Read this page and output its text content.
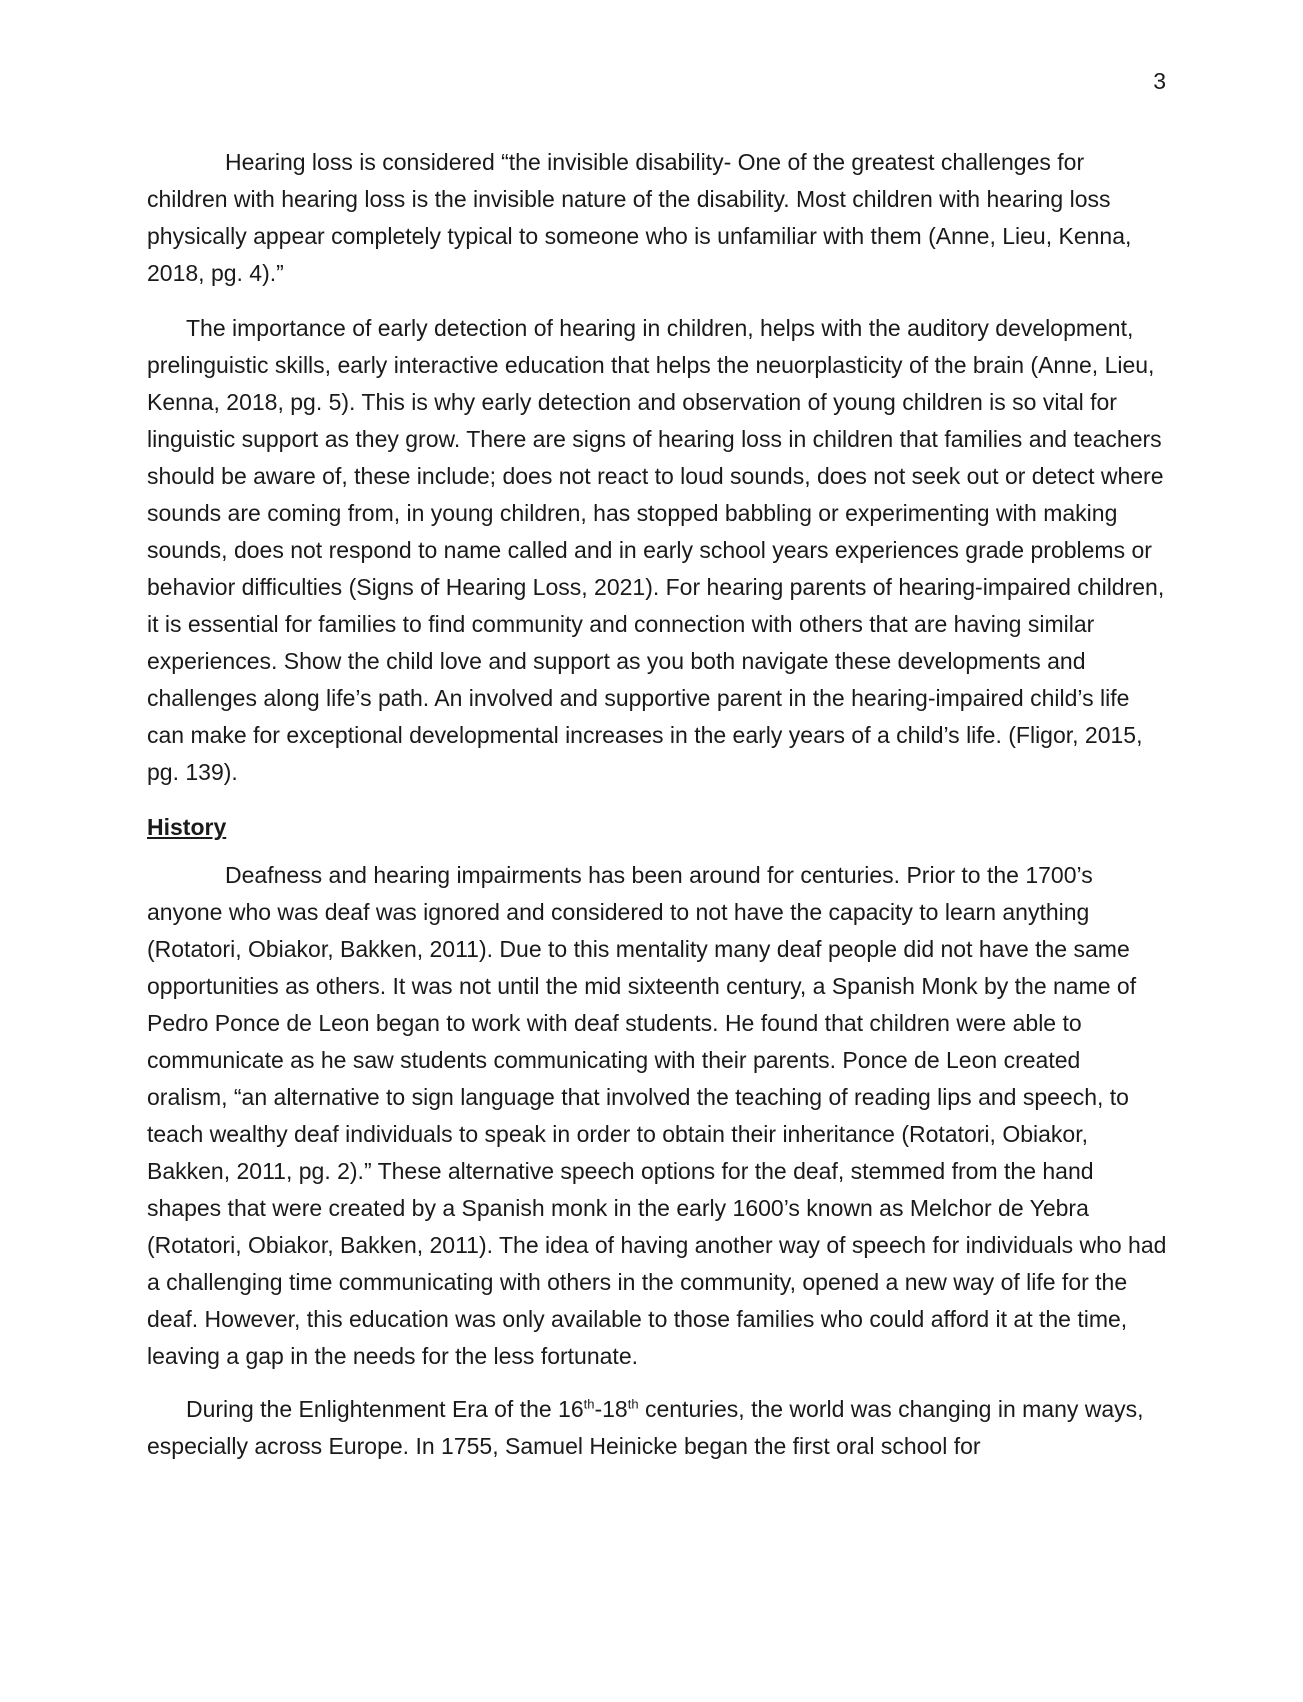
3

Hearing loss is considered “the invisible disability- One of the greatest challenges for children with hearing loss is the invisible nature of the disability. Most children with hearing loss physically appear completely typical to someone who is unfamiliar with them (Anne, Lieu, Kenna, 2018, pg. 4).”

The importance of early detection of hearing in children, helps with the auditory development, prelinguistic skills, early interactive education that helps the neuorplasticity of the brain (Anne, Lieu, Kenna, 2018, pg. 5). This is why early detection and observation of young children is so vital for linguistic support as they grow. There are signs of hearing loss in children that families and teachers should be aware of, these include; does not react to loud sounds, does not seek out or detect where sounds are coming from, in young children, has stopped babbling or experimenting with making sounds, does not respond to name called and in early school years experiences grade problems or behavior difficulties (Signs of Hearing Loss, 2021). For hearing parents of hearing-impaired children, it is essential for families to find community and connection with others that are having similar experiences. Show the child love and support as you both navigate these developments and challenges along life’s path. An involved and supportive parent in the hearing-impaired child’s life can make for exceptional developmental increases in the early years of a child’s life. (Fligor, 2015, pg. 139).

History

Deafness and hearing impairments has been around for centuries. Prior to the 1700’s anyone who was deaf was ignored and considered to not have the capacity to learn anything (Rotatori, Obiakor, Bakken, 2011). Due to this mentality many deaf people did not have the same opportunities as others. It was not until the mid sixteenth century, a Spanish Monk by the name of Pedro Ponce de Leon began to work with deaf students. He found that children were able to communicate as he saw students communicating with their parents. Ponce de Leon created oralism, “an alternative to sign language that involved the teaching of reading lips and speech, to teach wealthy deaf individuals to speak in order to obtain their inheritance (Rotatori, Obiakor, Bakken, 2011, pg. 2).” These alternative speech options for the deaf, stemmed from the hand shapes that were created by a Spanish monk in the early 1600’s known as Melchor de Yebra (Rotatori, Obiakor, Bakken, 2011). The idea of having another way of speech for individuals who had a challenging time communicating with others in the community, opened a new way of life for the deaf. However, this education was only available to those families who could afford it at the time, leaving a gap in the needs for the less fortunate.

During the Enlightenment Era of the 16th-18th centuries, the world was changing in many ways, especially across Europe. In 1755, Samuel Heinicke began the first oral school for
